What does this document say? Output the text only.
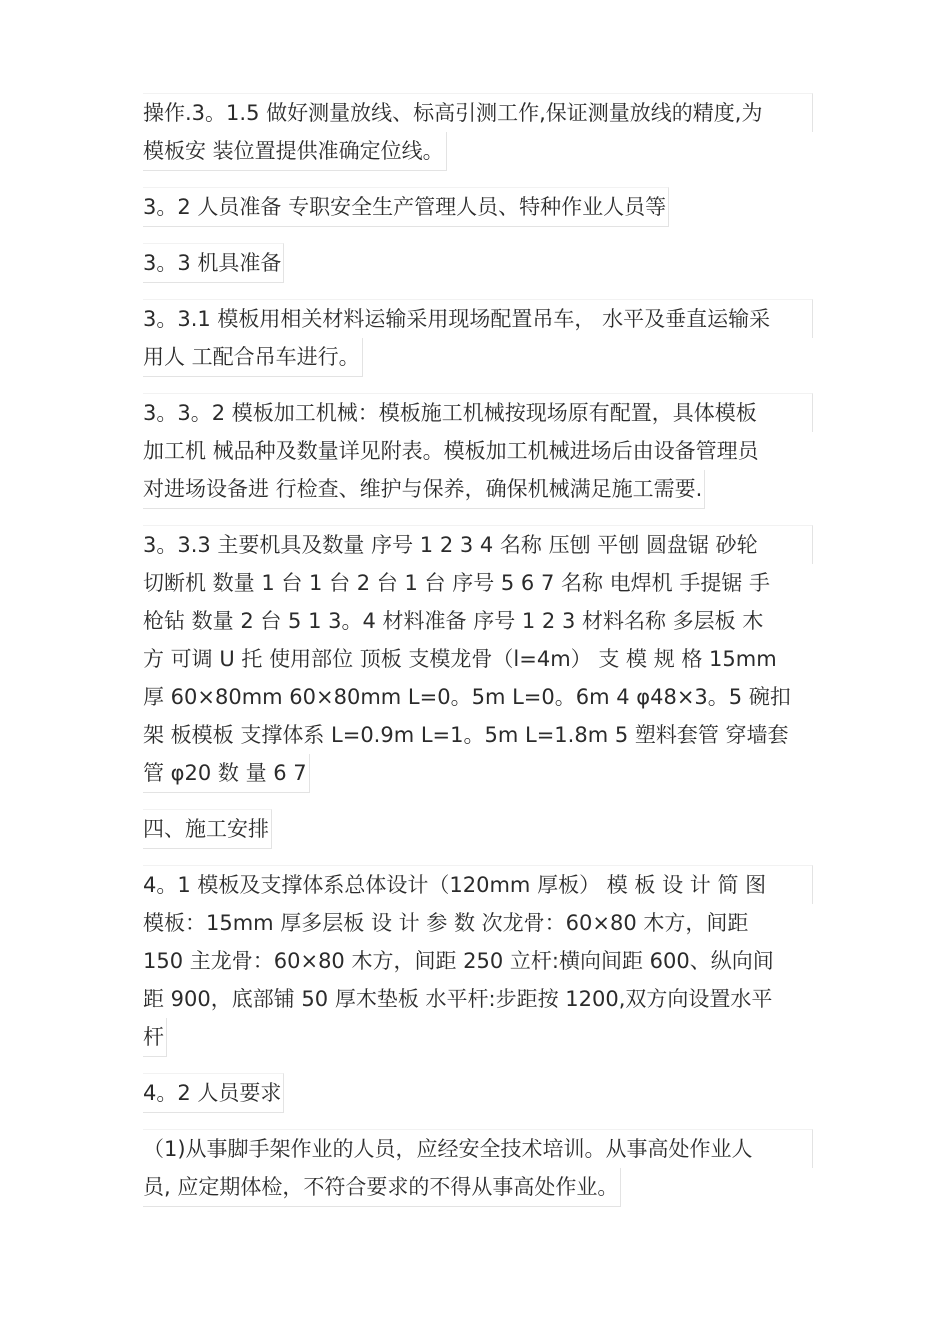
操作.3。1.5 做好测量放线、标高引测工作,保证测量放线的精度,为
模板安 装位置提供准确定位线。
3。2 人员准备 专职安全生产管理人员、特种作业人员等
3。3 机具准备
3。3.1 模板用相关材料运输采用现场配置吊车， 水平及垂直运输采
用人 工配合吊车进行。
3。3。2 模板加工机械：模板施工机械按现场原有配置，具体模板
加工机 械品种及数量详见附表。模板加工机械进场后由设备管理员
对进场设备进 行检查、维护与保养，确保机械满足施工需要.
3。3.3 主要机具及数量 序号 1 2 3 4 名称 压刨 平刨 圆盘锯 砂轮
切断机 数量 1 台 1 台 2 台 1 台 序号 5 6 7 名称 电焊机 手提锯 手
枪钻 数量 2 台 5 1 3。4 材料准备 序号 1 2 3 材料名称 多层板 木
方 可调 U 托 使用部位 顶板 支模龙骨（l=4m） 支 模 规 格 15mm
厚 60×80mm 60×80mm L=0。5m L=0。6m 4 φ48×3。5 碗扣
架 板模板 支撑体系 L=0.9m L=1。5m L=1.8m 5 塑料套管 穿墙套
管 φ20 数 量 6 7
四、施工安排
4。1 模板及支撑体系总体设计（120mm 厚板） 模 板 设 计 简 图
模板：15mm 厚多层板 设 计 参 数 次龙骨：60×80 木方，间距
150 主龙骨：60×80 木方，间距 250 立杆:横向间距 600、纵向间
距 900，底部铺 50 厚木垫板 水平杆:步距按 1200,双方向设置水平
杆
4。2 人员要求
（1)从事脚手架作业的人员，应经安全技术培训。从事高处作业人
员, 应定期体检，不符合要求的不得从事高处作业。
